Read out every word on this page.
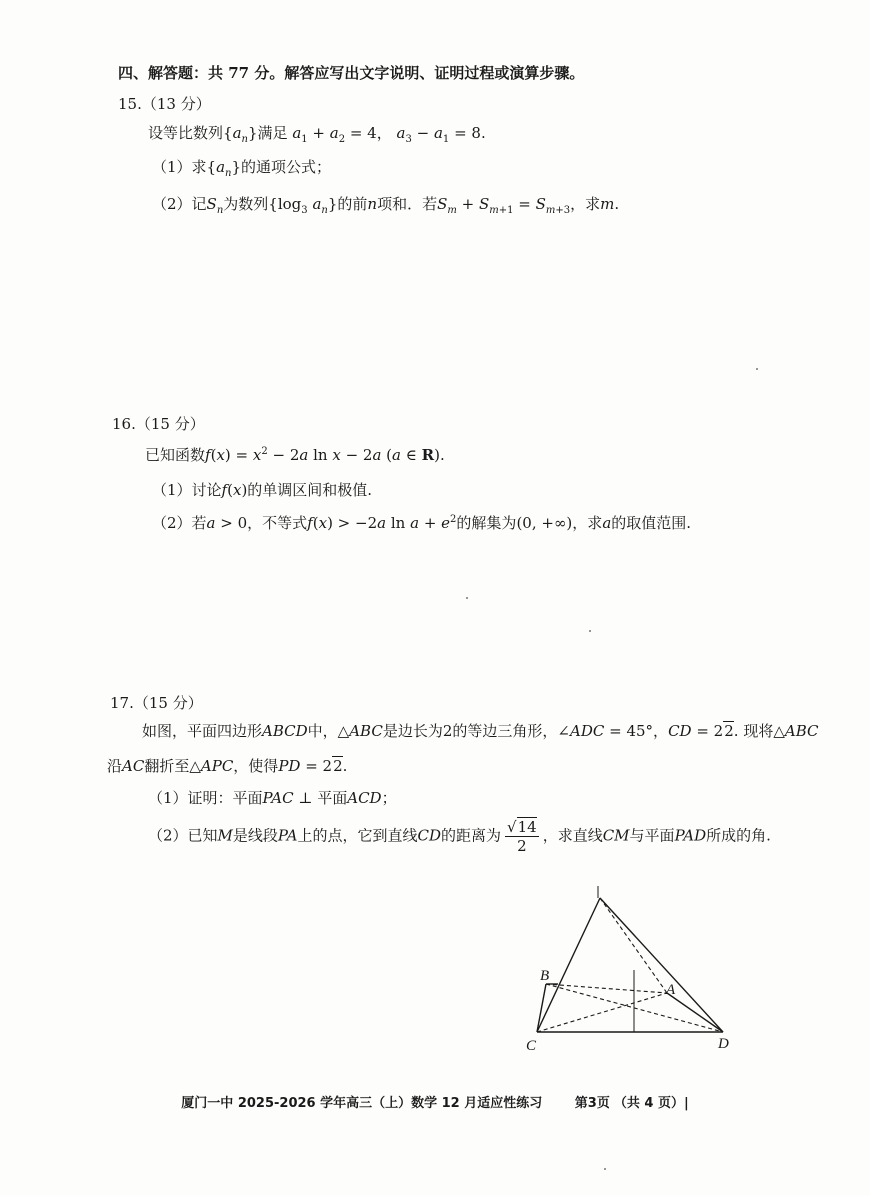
四、解答题：共 77 分。解答应写出文字说明、证明过程或演算步骤。
15.（13 分）
设等比数列$\{a_n\}$满足 $a_1 + a_2 = 4$， $a_3 - a_1 = 8$.
（1）求$\{a_n\}$的通项公式；
（2）记$S_n$为数列{$\log_3$ $a_n$}的前n项和．若$S_m + S_{m+1} = S_{m+3}$，求m.
16.（15 分）
已知函数$f(x) = x^2 - 2a$ ln x − 2a (a ∈ R).
（1）讨论f(x)的单调区间和极值.
（2）若a > 0，不等式f(x) > −2a $\ln a + e^2$的解集为(0, +∞)，求a的取值范围.
17.（15 分）
如图，平面四边形ABCD中，△ABC是边长为2的等边三角形，∠ADC = 45°，CD = 22. 现将△ABC
沿AC翻折至△APC，使得PD = 22.
（1）证明：平面PAC ⊥ 平面ACD；
（2）已知M是线段PA上的点，它到直线CD的距离为 $\frac{√14}{2}$ ，求直线CM与平面PAD所成的角.
B
A
C	D
厦门一中 2025-2026 学年高三（上）数学 12 月适应性练习	第3页 （共 4 页）|
